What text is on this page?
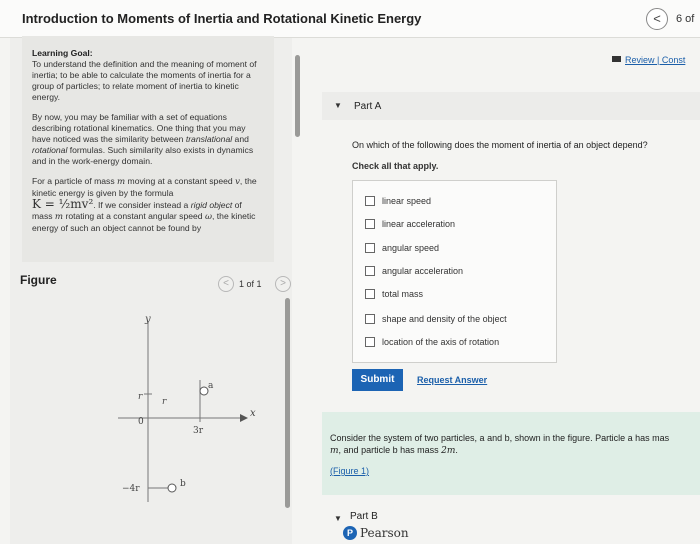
Introduction to Moments of Inertia and Rotational Kinetic Energy	<	6 of

Learning Goal:
To understand the definition and the meaning of moment of inertia; to be able to calculate the moments of inertia for a group of particles; to relate moment of inertia to kinetic energy.

By now, you may be familiar with a set of equations describing rotational kinematics. One thing that you may have noticed was the similarity between translational and rotational formulas. Such similarity also exists in dynamics and in the work-energy domain.

For a particle of mass m moving at a constant speed v, the kinetic energy is given by the formula
K = ½mv². If we consider instead a rigid object of mass m rotating at a constant angular speed ω, the kinetic energy of such an object cannot be found by

Figure	<	1 of 1	>
y
x
a
b
0
r r
3r
−4r
Review | Const
▼ Part A
On which of the following does the moment of inertia of an object depend?
Check all that apply.
linear speed
linear acceleration
angular speed
angular acceleration
total mass
shape and density of the object
location of the axis of rotation
Submit	Request Answer
Consider the system of two particles, a and b, shown in the figure. Particle a has mas
m, and particle b has mass 2m.
(Figure 1)
▼ Part B
P Pearson
